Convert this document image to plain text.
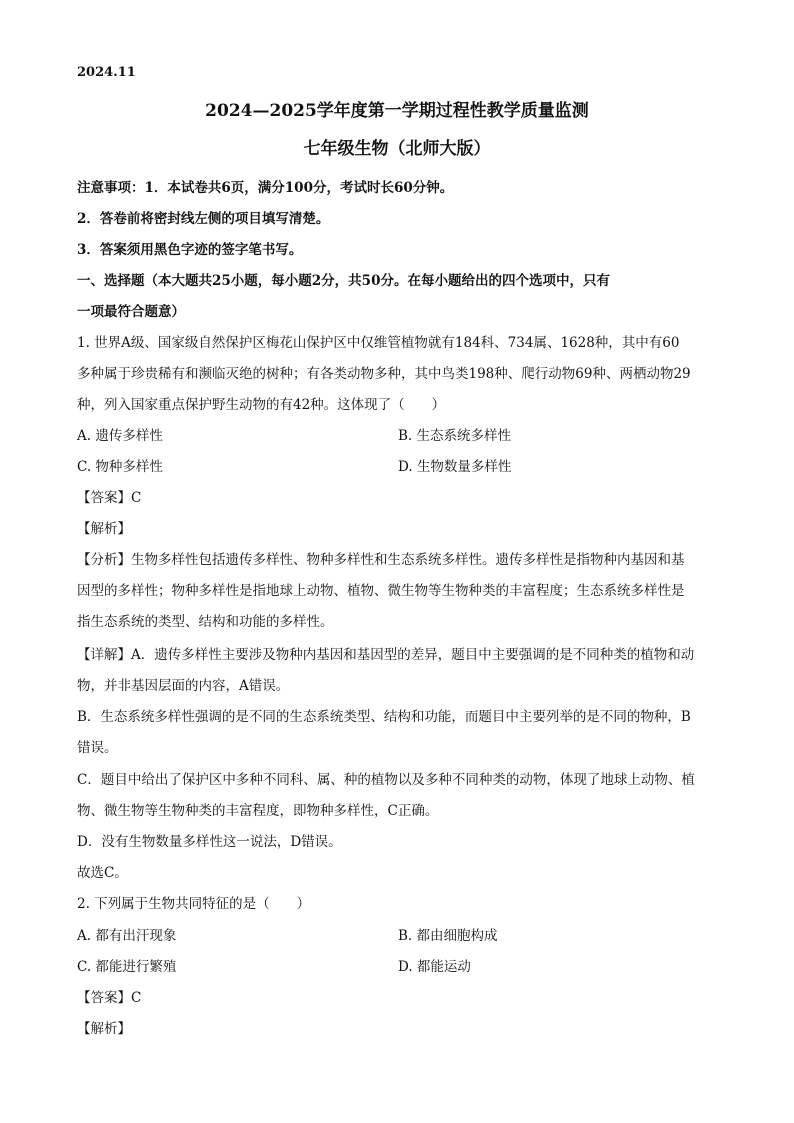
2024.11
2024—2025学年度第一学期过程性教学质量监测
七年级生物（北师大版）
注意事项：1．本试卷共6页，满分100分，考试时长60分钟。
2．答卷前将密封线左侧的项目填写清楚。
3．答案须用黑色字迹的签字笔书写。
一、选择题（本大题共25小题，每小题2分，共50分。在每小题给出的四个选项中，只有
一项最符合题意）
1. 世界A级、国家级自然保护区梅花山保护区中仅维管植物就有184科、734属、1628种，其中有60
多种属于珍贵稀有和濒临灭绝的树种；有各类动物多种，其中鸟类198种、爬行动物69种、两栖动物29
种，列入国家重点保护野生动物的有42种。这体现了（　　）
A. 遗传多样性	B. 生态系统多样性
C. 物种多样性	D. 生物数量多样性
【答案】C
【解析】
【分析】生物多样性包括遗传多样性、物种多样性和生态系统多样性。遗传多样性是指物种内基因和基
因型的多样性；物种多样性是指地球上动物、植物、微生物等生物种类的丰富程度；生态系统多样性是
指生态系统的类型、结构和功能的多样性。
【详解】A．遗传多样性主要涉及物种内基因和基因型的差异，题目中主要强调的是不同种类的植物和动
物，并非基因层面的内容，A错误。
B．生态系统多样性强调的是不同的生态系统类型、结构和功能，而题目中主要列举的是不同的物种，B
错误。
C．题目中给出了保护区中多种不同科、属、种的植物以及多种不同种类的动物，体现了地球上动物、植
物、微生物等生物种类的丰富程度，即物种多样性，C正确。
D．没有生物数量多样性这一说法，D错误。
故选C。
2. 下列属于生物共同特征的是（　　）
A. 都有出汗现象	B. 都由细胞构成
C. 都能进行繁殖	D. 都能运动
【答案】C
【解析】
